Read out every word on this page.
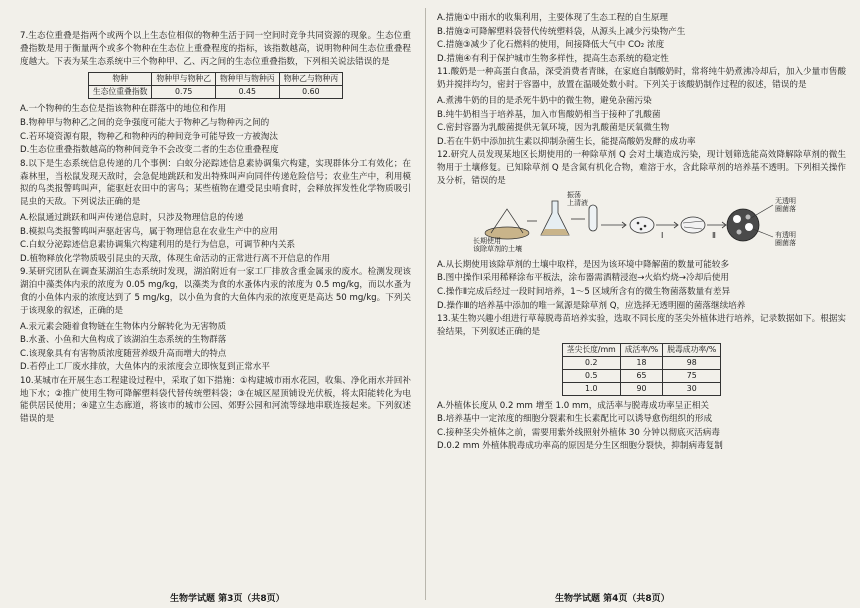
7.生态位重叠是指两个或两个以上生态位相似的物种生活于同一空间时竞争共同资源的现象。生态位重叠指数是用于衡量两个或多个物种在生态位上重叠程度的指标，该指数越高，说明物种间生态位重叠程度越大。下表为某生态系统中三个物种甲、乙、丙之间的生态位重叠指数，下列相关说法错误的是

物种	物种甲与物种乙	物种甲与物种丙	物种乙与物种丙
生态位重叠指数	0.75	0.45	0.60
A.一个物种的生态位是指该物种在群落中的地位和作用
B.物种甲与物种乙之间的竞争强度可能大于物种乙与物种丙之间的
C.若环境资源有限，物种乙和物种丙的种间竞争可能导致一方被淘汰
D.生态位重叠指数越高的物种间竞争不会改变二者的生态位重叠程度

8.以下是生态系统信息传递的几个事例：白蚁分泌踪迹信息素协调集穴构建，实现群体分工有效化；在森林里，当松鼠发现天敌时，会急促地跳跃和发出特殊叫声向同伴传递危险信号；农业生产中，利用模拟的鸟类报警鸣叫声，能驱赶农田中的害鸟；某些植物在遭受昆虫啃食时，会释放挥发性化学物质吸引昆虫的天敌。下列说法正确的是

A.松鼠通过跳跃和叫声传递信息时，只涉及物理信息的传递
B.模拟鸟类报警鸣叫声驱赶害鸟，属于物理信息在农业生产中的应用
C.白蚁分泌踪迹信息素协调集穴构建利用的是行为信息，可调节种内关系
D.植物释放化学物质吸引昆虫的天敌，体现生命活动的正常进行离不开信息的作用

9.某研究团队在调查某湖泊生态系统时发现，湖泊附近有一家工厂排放含重金属汞的废水。检测发现该湖泊中藻类体内汞的浓度为 0.05 mg/kg，以藻类为食的水蚤体内汞的浓度为 0.5 mg/kg，而以水蚤为食的小鱼体内汞的浓度达到了 5 mg/kg，以小鱼为食的大鱼体内汞的浓度更是高达 50 mg/kg。下列关于该现象的叙述，正确的是

A.汞元素会随着食物链在生物体内分解转化为无害物质
B.水蚤、小鱼和大鱼构成了该湖泊生态系统的生物群落
C.该现象具有有害物质浓度随营养级升高而增大的特点
D.若停止工厂废水排放，大鱼体内的汞浓度会立即恢复到正常水平

10.某城市在开展生态工程建设过程中，采取了如下措施：①构建城市雨水花园，收集、净化雨水并回补地下水；②推广使用生物可降解塑料袋代替传统塑料袋；③在城区屋顶铺设光伏板，将太阳能转化为电能供居民使用；④建立生态廊道，将该市的城市公园、郊野公园和河流等绿地串联连接起来。下列叙述错误的是

生物学试题 第3页（共8页）
A.措施①中雨水的收集利用，主要体现了生态工程的自生原理
B.措施②可降解塑料袋替代传统塑料袋，从源头上减少污染物产生
C.措施③减少了化石燃料的使用，间接降低大气中 CO₂ 浓度
D.措施④有利于保护城市生物多样性，提高生态系统的稳定性

11.酸奶是一种高蛋白食品，深受消费者青睐，在家庭自制酸奶时，常将纯牛奶煮沸冷却后，加入少量市售酸奶并搅拌均匀，密封于容器中，放置在温暖处数小时。下列关于该酸奶制作过程的叙述，错误的是

A.煮沸牛奶的目的是杀死牛奶中的微生物，避免杂菌污染
B.纯牛奶相当于培养基，加入市售酸奶相当于接种了乳酸菌
C.密封容器为乳酸菌提供无氧环境，因为乳酸菌是厌氧微生物
D.若在牛奶中添加抗生素以抑制杂菌生长，能提高酸奶发酵的成功率

12.研究人员发现某地区长期使用的一种除草剂 Q 会对土壤造成污染，现计划筛选能高效降解除草剂的微生物用于土壤修复。已知除草剂 Q 是含氮有机化合物，难溶于水，含此除草剂的培养基不透明。下列相关操作及分析，错误的是

长期使用
该除草剂的土壤
振荡
上清液
Ⅰ	Ⅱ
无透明
圈菌落
有透明
圈菌落
A.从长期使用该除草剂的土壤中取样，是因为该环境中降解菌的数量可能较多
B.图中操作Ⅰ采用稀释涂布平板法，涂布器需酒精浸泡→火焰灼烧→冷却后使用
C.操作Ⅱ完成后经过一段时间培养，1～5 区域所含有的微生物菌落数量有差异
D.操作Ⅲ的培养基中添加的唯一氮源是除草剂 Q，应选择无透明圈的菌落继续培养

13.某生物兴趣小组进行草莓脱毒苗培养实验，选取不同长度的茎尖外植体进行培养，记录数据如下。根据实验结果，下列叙述正确的是

茎尖长度/mm	成活率/%	脱毒成功率/%
0.2	18	98
0.5	65	75
1.0	90	30
A.外植体长度从 0.2 mm 增至 1.0 mm，成活率与脱毒成功率呈正相关
B.培养基中一定浓度的细胞分裂素和生长素配比可以诱导愈伤组织的形成
C.接种茎尖外植体之前，需要用紫外线照射外植体 30 分钟以彻底灭活病毒
D.0.2 mm 外植体脱毒成功率高的原因是分生区细胞分裂快，抑制病毒复制
生物学试题 第4页（共8页）
